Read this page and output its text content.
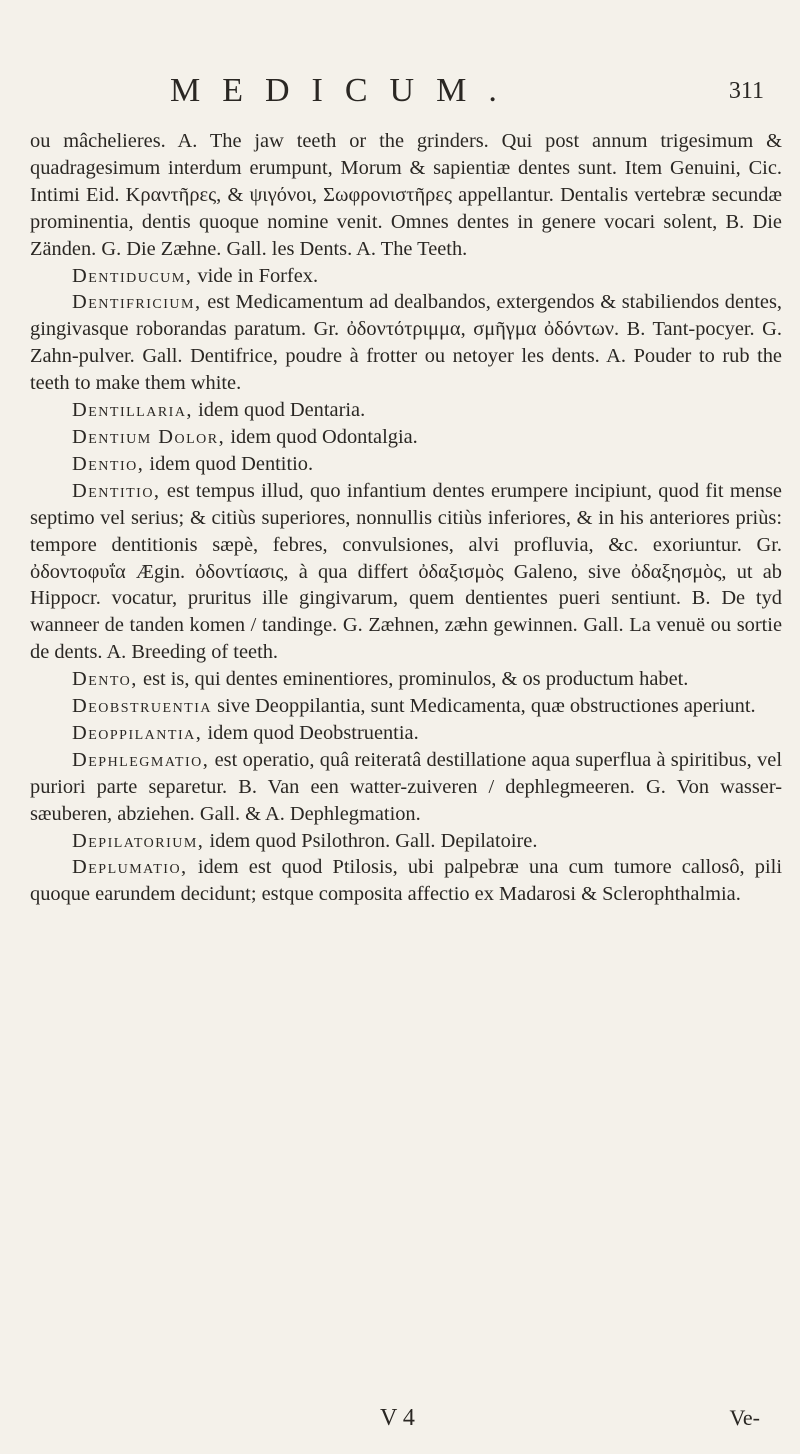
MEDICUM.	311

ou mâchelieres. A. The jaw teeth or the grinders. Qui post annum trigesimum & quadragesimum interdum erumpunt, Morum & sapientiæ dentes sunt. Item Genuini, Cic. Intimi Eid. Κραντῆρες, & ψιγόνοι, Σωφρονιστῆρες appellantur. Dentalis vertebræ secundæ prominentia, dentis quoque nomine venit. Omnes dentes in genere vocari solent, B. Die Zänden. G. Die Zæhne. Gall. les Dents. A. The Teeth.

Dentiducum, vide in Forfex.

Dentifricium, est Medicamentum ad dealbandos, extergendos & stabiliendos dentes, gingivasque roborandas paratum. Gr. ὀδοντότριμμα, σμῆγμα ὀδόντων. B. Tant-pocyer. G. Zahn-pulver. Gall. Dentifrice, poudre à frotter ou netoyer les dents. A. Pouder to rub the teeth to make them white.

Dentillaria, idem quod Dentaria.

Dentium Dolor, idem quod Odontalgia.

Dentio, idem quod Dentitio.

Dentitio, est tempus illud, quo infantium dentes erumpere incipiunt, quod fit mense septimo vel serius; & citiùs superiores, nonnullis citiùs inferiores, & in his anteriores priùs: tempore dentitionis sæpè, febres, convulsiones, alvi profluvia, &c. exoriuntur. Gr. ὀδοντοφυΐα Ægin. ὀδοντίασις, à qua differt ὀδαξισμὸς Galeno, sive ὀδαξησμὸς, ut ab Hippocr. vocatur, pruritus ille gingivarum, quem dentientes pueri sentiunt. B. De tyd wanneer de tanden komen / tandinge. G. Zæhnen, zæhn gewinnen. Gall. La venuë ou sortie de dents. A. Breeding of teeth.

Dento, est is, qui dentes eminentiores, prominulos, & os productum habet.

Deobstruentia sive Deoppilantia, sunt Medicamenta, quæ obstructiones aperiunt.

Deoppilantia, idem quod Deobstruentia.

Dephlegmatio, est operatio, quâ reiteratâ destillatione aqua superflua à spiritibus, vel puriori parte separetur. B. Van een watter-zuiveren / dephlegmeeren. G. Von wasser-sæuberen, abziehen. Gall. & A. Dephlegmation.

Depilatorium, idem quod Psilothron. Gall. Depilatoire.

Deplumatio, idem est quod Ptilosis, ubi palpebræ una cum tumore callosô, pili quoque earundem decidunt; estque composita affectio ex Madarosi & Sclerophthalmia.

V 4	Ve-
